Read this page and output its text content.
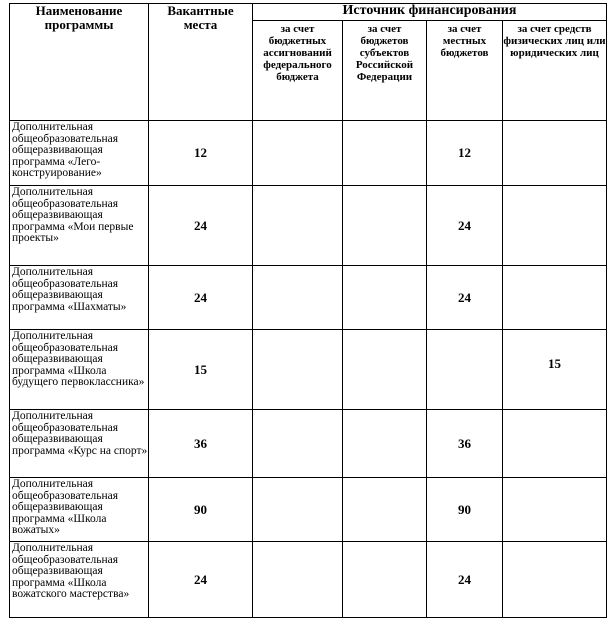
Наименование программы	Вакантные места	Источник финансирования			
		за счет бюджетных ассигнований федерального бюджета	за счет бюджетов субъектов Российской Федерации	за счет местных бюджетов	за счет средств физических лиц или юридических лиц
Дополнительная общеобразовательная общеразвивающая программа «Лего-конструирование»	12			12	
Дополнительная общеобразовательная общеразвивающая программа «Мои первые проекты»	24			24	
Дополнительная общеобразовательная общеразвивающая программа «Шахматы»	24			24	
Дополнительная общеобразовательная общеразвивающая программа «Школа будущего первоклассника»	15				15
Дополнительная общеобразовательная общеразвивающая программа «Курс на спорт»	36			36	
Дополнительная общеобразовательная общеразвивающая программа «Школа вожатых»	90			90	
Дополнительная общеобразовательная общеразвивающая программа «Школа вожатского мастерства»	24			24	
